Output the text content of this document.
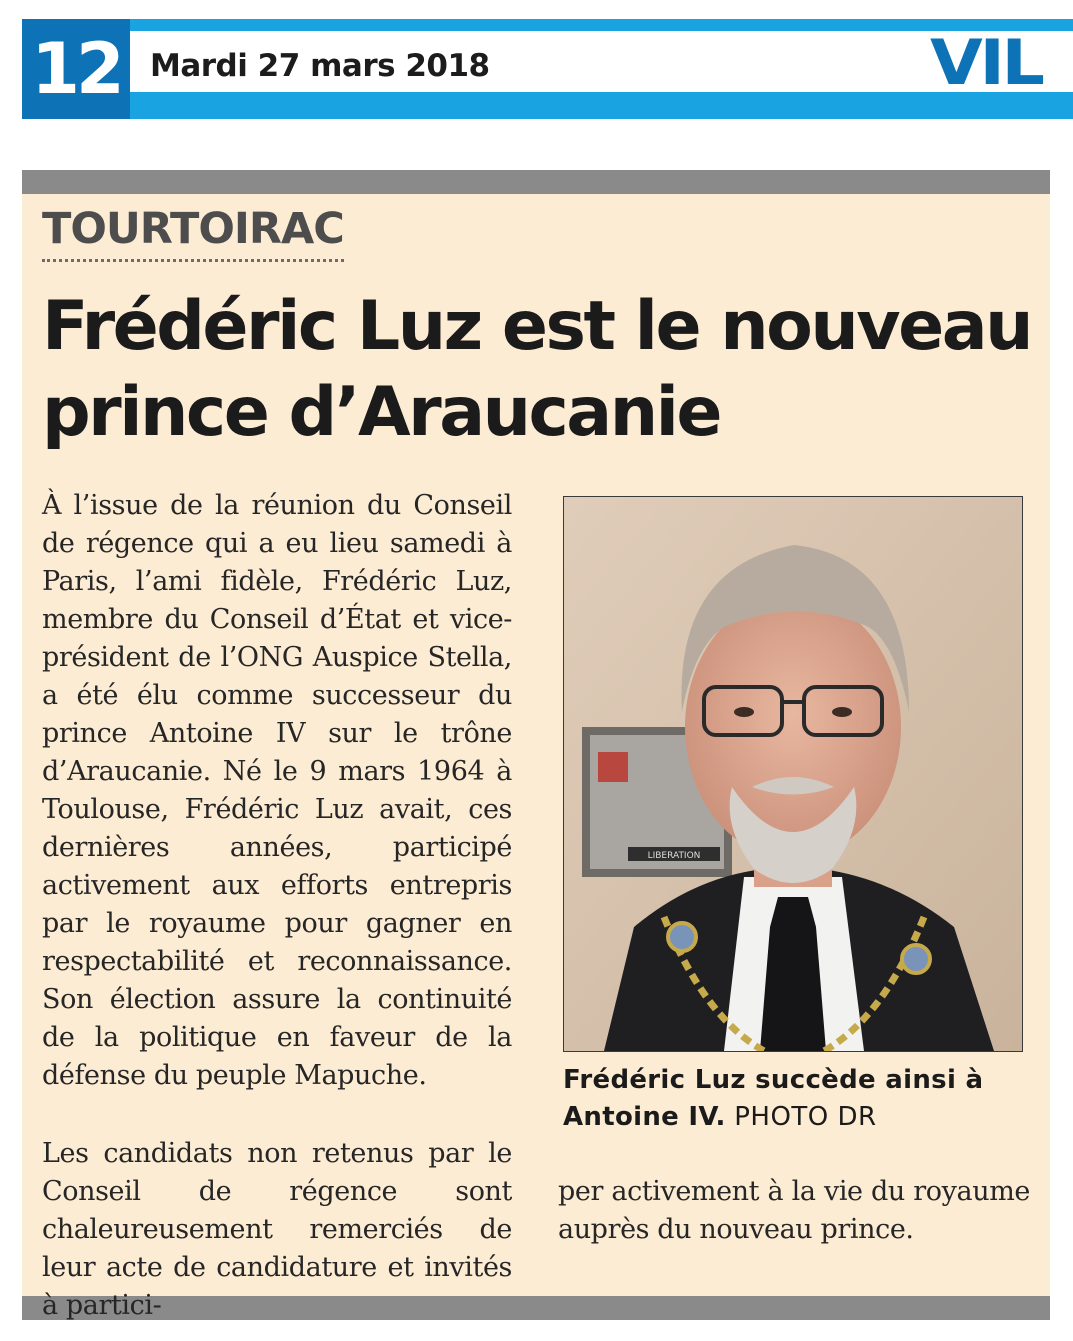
12 Mardi 27 mars 2018	VIL
TOURTOIRAC
Frédéric Luz est le nouveau
prince d’Araucanie

À l’issue de la réunion du Conseil de régence qui a eu lieu samedi à Paris, l’ami fidèle, Frédéric Luz, membre du Conseil d’État et vice-président de l’ONG Auspice Stella, a été élu comme successeur du prince Antoine IV sur le trône d’Araucanie. Né le 9 mars 1964 à Toulouse, Frédéric Luz avait, ces dernières années, participé activement aux efforts entrepris par le royaume pour gagner en respectabilité et reconnaissance. Son élection assure la continuité de la politique en faveur de la défense du peuple Mapuche.

Les candidats non retenus par le Conseil de régence sont chaleureusement remerciés de leur acte de candidature et invités à partici-

per activement à la vie du royaume auprès du nouveau prince.

LIBERATION
Frédéric Luz succède ainsi à Antoine IV. PHOTO DR
